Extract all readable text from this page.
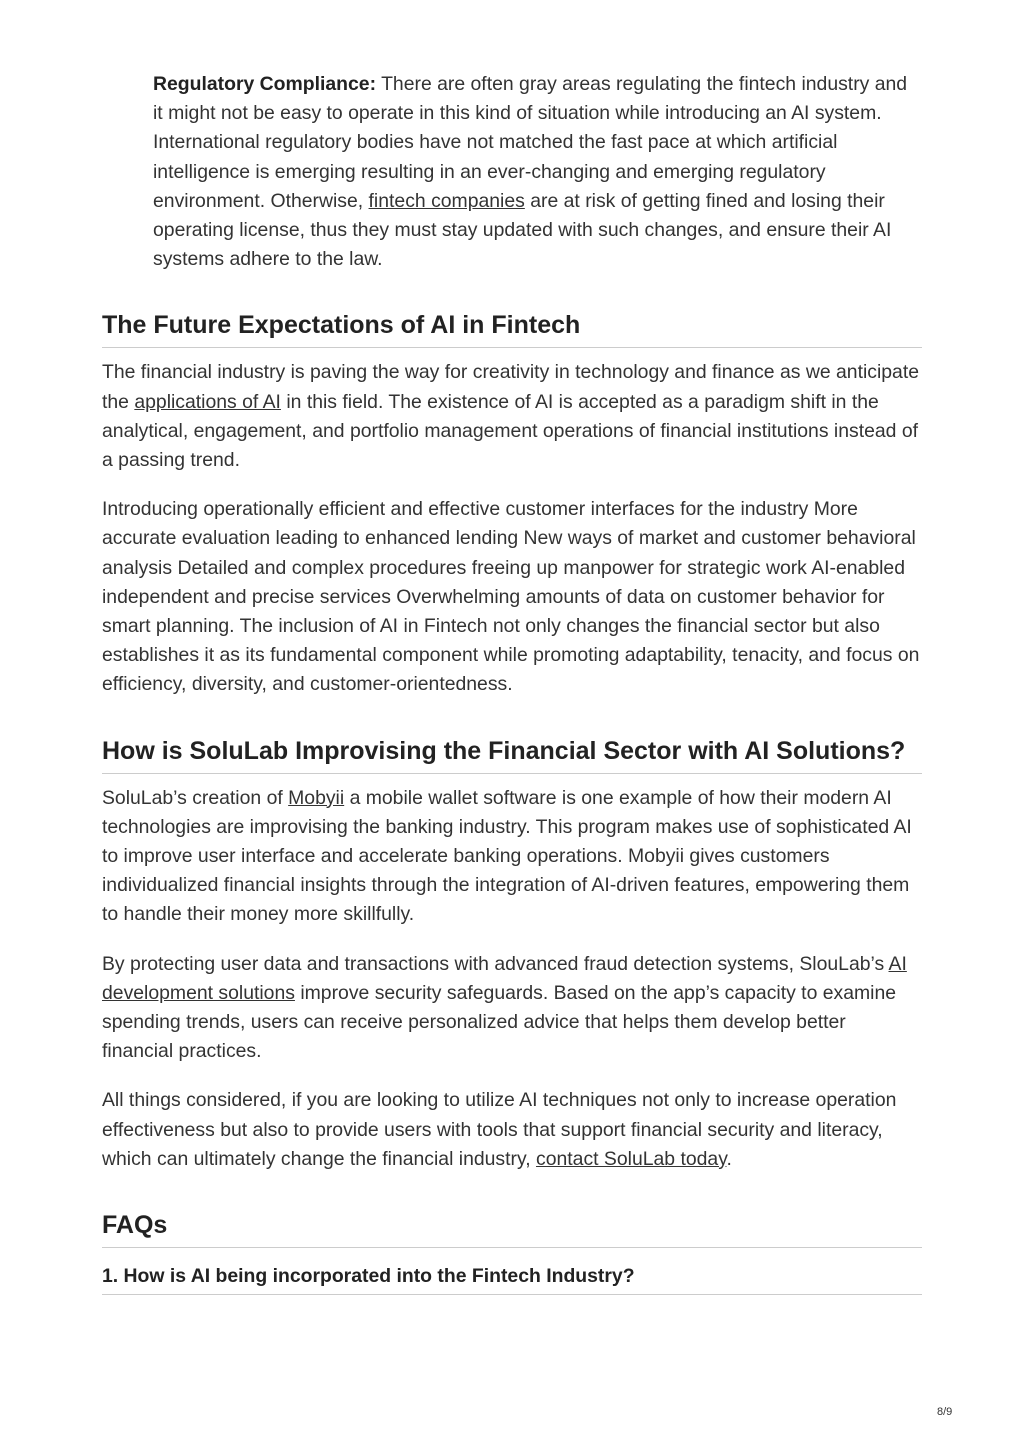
Regulatory Compliance: There are often gray areas regulating the fintech industry and it might not be easy to operate in this kind of situation while introducing an AI system. International regulatory bodies have not matched the fast pace at which artificial intelligence is emerging resulting in an ever-changing and emerging regulatory environment. Otherwise, fintech companies are at risk of getting fined and losing their operating license, thus they must stay updated with such changes, and ensure their AI systems adhere to the law.

The Future Expectations of AI in Fintech

The financial industry is paving the way for creativity in technology and finance as we anticipate the applications of AI in this field. The existence of AI is accepted as a paradigm shift in the analytical, engagement, and portfolio management operations of financial institutions instead of a passing trend.

Introducing operationally efficient and effective customer interfaces for the industry More accurate evaluation leading to enhanced lending New ways of market and customer behavioral analysis Detailed and complex procedures freeing up manpower for strategic work AI-enabled independent and precise services Overwhelming amounts of data on customer behavior for smart planning. The inclusion of AI in Fintech not only changes the financial sector but also establishes it as its fundamental component while promoting adaptability, tenacity, and focus on efficiency, diversity, and customer-orientedness.

How is SoluLab Improvising the Financial Sector with AI Solutions?

SoluLab’s creation of Mobyii a mobile wallet software is one example of how their modern AI technologies are improvising the banking industry. This program makes use of sophisticated AI to improve user interface and accelerate banking operations. Mobyii gives customers individualized financial insights through the integration of AI-driven features, empowering them to handle their money more skillfully.

By protecting user data and transactions with advanced fraud detection systems, SlouLab’s AI development solutions improve security safeguards. Based on the app’s capacity to examine spending trends, users can receive personalized advice that helps them develop better financial practices.

All things considered, if you are looking to utilize AI techniques not only to increase operation effectiveness but also to provide users with tools that support financial security and literacy, which can ultimately change the financial industry, contact SoluLab today.

FAQs
1. How is AI being incorporated into the Fintech Industry?
8/9
